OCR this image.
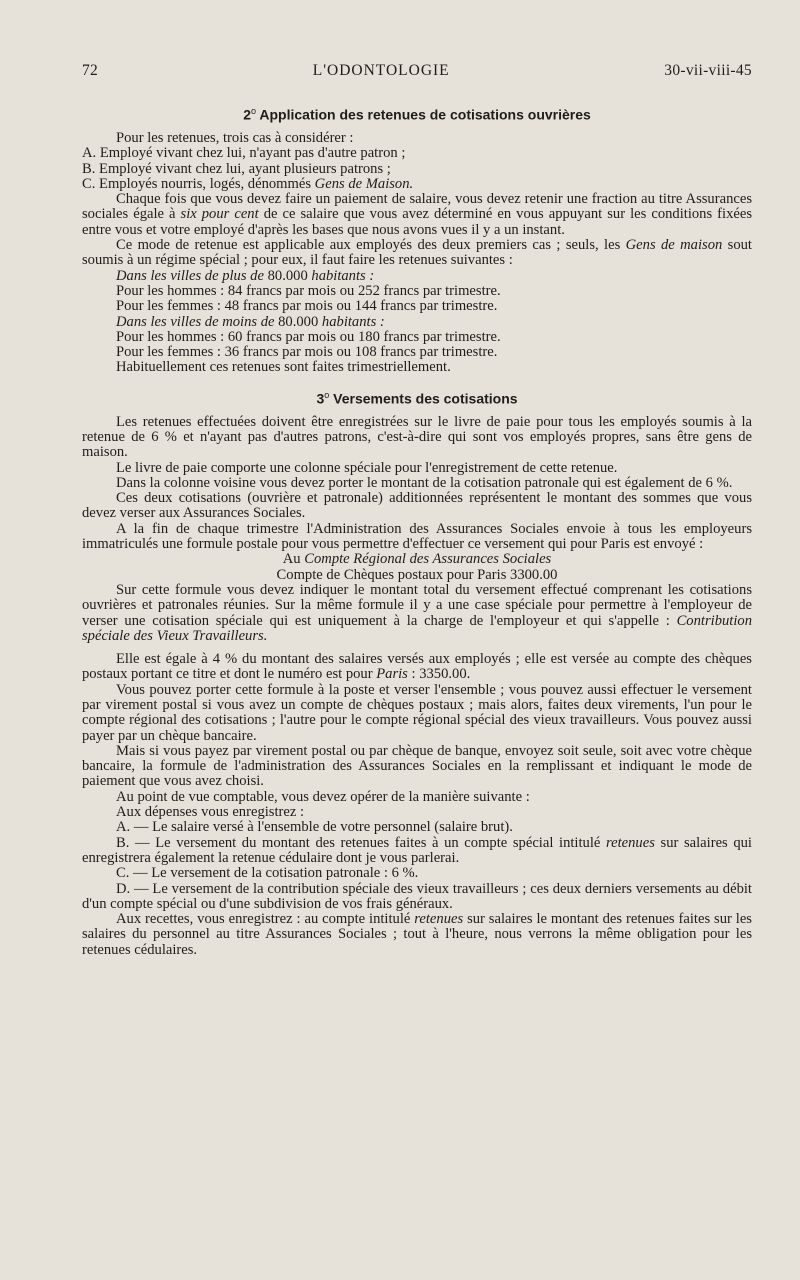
72	L'ODONTOLOGIE	30-vii-viii-45
2$^o$ Application des retenues de cotisations ouvrières

Pour les retenues, trois cas à considérer :

A. Employé vivant chez lui, n'ayant pas d'autre patron ;

B. Employé vivant chez lui, ayant plusieurs patrons ;

C. Employés nourris, logés, dénommés Gens de Maison.

Chaque fois que vous devez faire un paiement de salaire, vous devez retenir une fraction au titre Assurances sociales égale à six pour cent de ce salaire que vous avez déterminé en vous appuyant sur les conditions fixées entre vous et votre employé d'après les bases que nous avons vues il y a un instant.

Ce mode de retenue est applicable aux employés des deux premiers cas ; seuls, les Gens de maison sout soumis à un régime spécial ; pour eux, il faut faire les retenues suivantes :

Dans les villes de plus de 80.000 habitants :

Pour les hommes : 84 francs par mois ou 252 francs par trimestre.

Pour les femmes : 48 francs par mois ou 144 francs par trimestre.

Dans les villes de moins de 80.000 habitants :

Pour les hommes : 60 francs par mois ou 180 francs par trimestre.

Pour les femmes : 36 francs par mois ou 108 francs par trimestre.

Habituellement ces retenues sont faites trimestriellement.

3$^o$ Versements des cotisations

Les retenues effectuées doivent être enregistrées sur le livre de paie pour tous les employés soumis à la retenue de 6 % et n'ayant pas d'autres patrons, c'est-à-dire qui sont vos employés propres, sans être gens de maison.

Le livre de paie comporte une colonne spéciale pour l'enregistrement de cette retenue.

Dans la colonne voisine vous devez porter le montant de la cotisation patronale qui est également de 6 %.

Ces deux cotisations (ouvrière et patronale) additionnées représentent le montant des sommes que vous devez verser aux Assurances Sociales.

A la fin de chaque trimestre l'Administration des Assurances Sociales envoie à tous les employeurs immatriculés une formule postale pour vous permettre d'effectuer ce versement qui pour Paris est envoyé :

Au Compte Régional des Assurances Sociales

Compte de Chèques postaux pour Paris 3300.00

Sur cette formule vous devez indiquer le montant total du versement effectué comprenant les cotisations ouvrières et patronales réunies. Sur la même formule il y a une case spéciale pour permettre à l'employeur de verser une cotisation spéciale qui est uniquement à la charge de l'employeur et qui s'appelle : Contribution spéciale des Vieux Travailleurs.

Elle est égale à 4 % du montant des salaires versés aux employés ; elle est versée au compte des chèques postaux portant ce titre et dont le numéro est pour Paris : 3350.00.

Vous pouvez porter cette formule à la poste et verser l'ensemble ; vous pouvez aussi effectuer le versement par virement postal si vous avez un compte de chèques postaux ; mais alors, faites deux virements, l'un pour le compte régional des cotisations ; l'autre pour le compte régional spécial des vieux travailleurs. Vous pouvez aussi payer par un chèque bancaire.

Mais si vous payez par virement postal ou par chèque de banque, envoyez soit seule, soit avec votre chèque bancaire, la formule de l'administration des Assurances Sociales en la remplissant et indiquant le mode de paiement que vous avez choisi.

Au point de vue comptable, vous devez opérer de la manière suivante :

Aux dépenses vous enregistrez :

A. — Le salaire versé à l'ensemble de votre personnel (salaire brut).

B. — Le versement du montant des retenues faites à un compte spécial intitulé retenues sur salaires qui enregistrera également la retenue cédulaire dont je vous parlerai.

C. — Le versement de la cotisation patronale : 6 %.

D. — Le versement de la contribution spéciale des vieux travailleurs ; ces deux derniers versements au débit d'un compte spécial ou d'une subdivision de vos frais généraux.

Aux recettes, vous enregistrez : au compte intitulé retenues sur salaires le montant des retenues faites sur les salaires du personnel au titre Assurances Sociales ; tout à l'heure, nous verrons la même obligation pour les retenues cédulaires.
